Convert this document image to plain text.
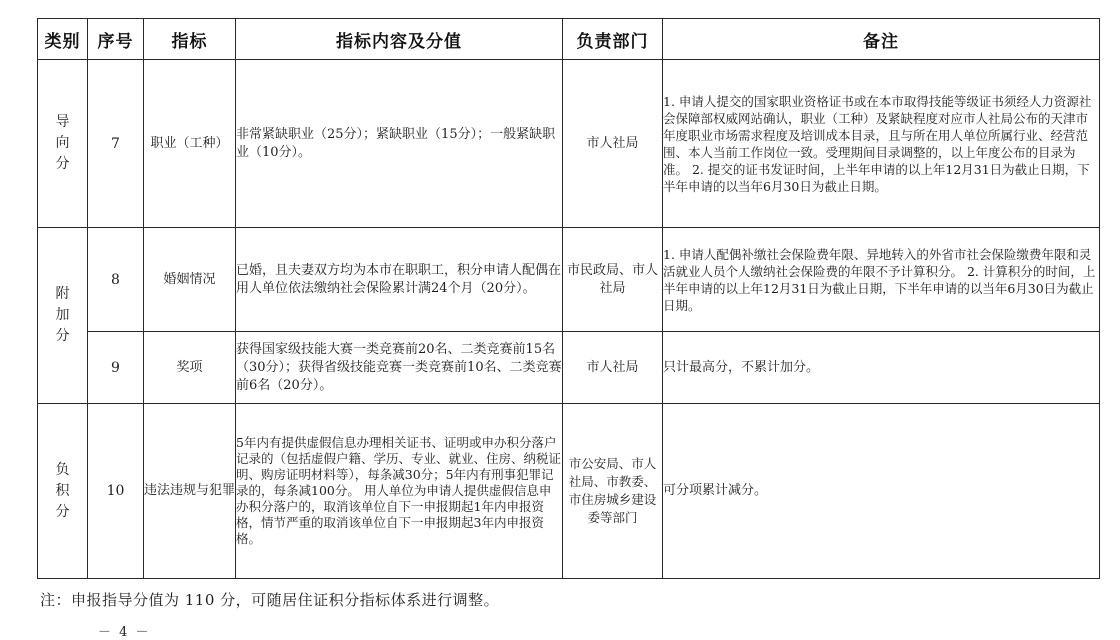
类别	序号	指标	指标内容及分值	负责部门	备注

导
向
分	7	职业（工种）	非常紧缺职业（25分）；紧缺职业（15分）；一般紧缺职业（10分）。	市人社局	1. 申请人提交的国家职业资格证书或在本市取得技能等级证书须经人力资源社会保障部权威网站确认，职业（工种）及紧缺程度对应市人社局公布的天津市年度职业市场需求程度及培训成本目录，且与所在用人单位所属行业、经营范围、本人当前工作岗位一致。受理期间目录调整的，以上年度公布的目录为准。 2. 提交的证书发证时间，上半年申请的以上年12月31日为截止日期，下半年申请的以当年6月30日为截止日期。

附
加
分	8	婚姻情况	已婚，且夫妻双方均为本市在职职工，积分申请人配偶在用人单位依法缴纳社会保险累计满24个月（20分）。	市民政局、市人社局	1. 申请人配偶补缴社会保险费年限、异地转入的外省市社会保险缴费年限和灵活就业人员个人缴纳社会保险费的年限不予计算积分。 2. 计算积分的时间，上半年申请的以上年12月31日为截止日期，下半年申请的以当年6月30日为截止日期。
	9	奖项	获得国家级技能大赛一类竞赛前20名、二类竞赛前15名（30分）；获得省级技能竞赛一类竞赛前10名、二类竞赛前6名（20分）。	市人社局	只计最高分，不累计加分。

负
积
分	10	违法违规与犯罪	5年内有提供虚假信息办理相关证书、证明或申办积分落户记录的（包括虚假户籍、学历、专业、就业、住房、纳税证明、购房证明材料等），每条减30分；5年内有刑事犯罪记录的，每条减100分。 用人单位为申请人提供虚假信息申办积分落户的，取消该单位自下一申报期起1年内申报资格，情节严重的取消该单位自下一申报期起3年内申报资格。	市公安局、市人社局、市教委、市住房城乡建设委等部门	可分项累计减分。
注：申报指导分值为 110 分，可随居住证积分指标体系进行调整。
－ 4 －
